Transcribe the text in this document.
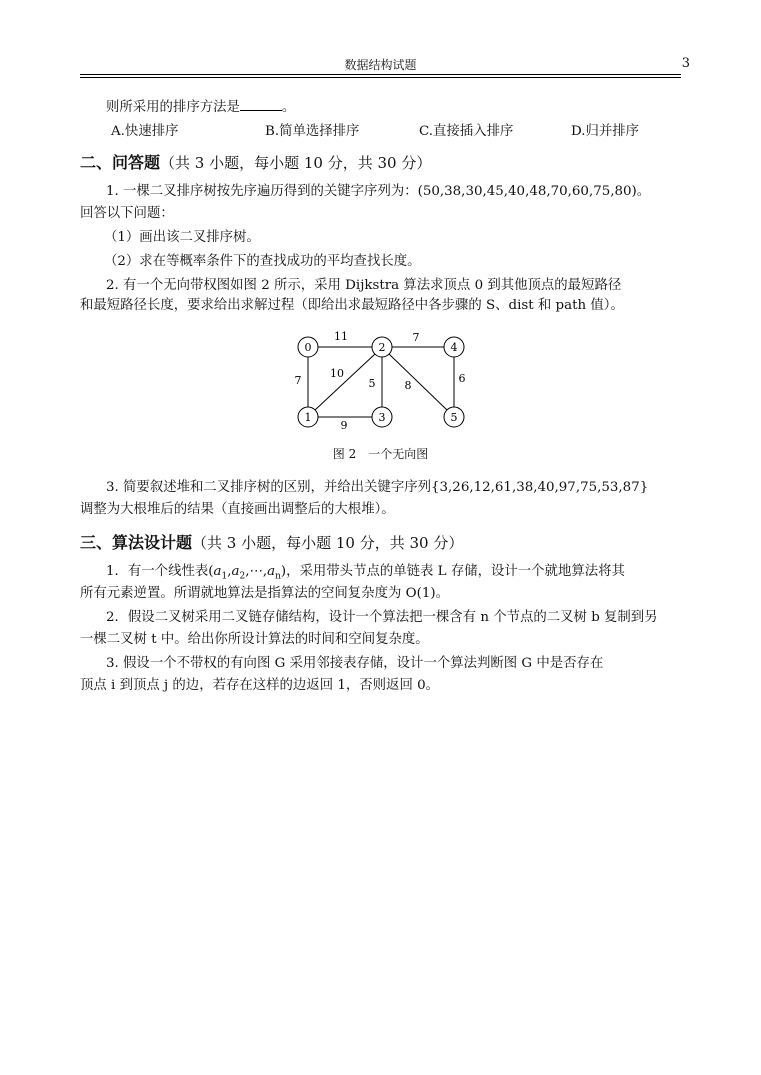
数据结构试题	3
则所采用的排序方法是	。
A.快速排序	B.简单选择排序	C.直接插入排序	D.归并排序
二、问答题（共 3 小题，每小题 10 分，共 30 分）
1. 一棵二叉排序树按先序遍历得到的关键字序列为：(50,38,30,45,40,48,70,60,75,80)。
回答以下问题：
（1）画出该二叉排序树。
（2）求在等概率条件下的查找成功的平均查找长度。
2. 有一个无向带权图如图 2 所示，采用 Dijkstra 算法求顶点 0 到其他顶点的最短路径
和最短路径长度，要求给出求解过程（即给出求最短路径中各步骤的 S、dist 和 path 值）。
0
1
2
3
4
5
11	7
7
10
5	8
6
9
图 2　一个无向图
3. 简要叙述堆和二叉排序树的区别，并给出关键字序列{3,26,12,61,38,40,97,75,53,87}
调整为大根堆后的结果（直接画出调整后的大根堆）。
三、算法设计题（共 3 小题，每小题 10 分，共 30 分）
1．有一个线性表$(a_1,a_2,\cdots,a_n)$，采用带头节点的单链表 L 存储，设计一个就地算法将其
所有元素逆置。所谓就地算法是指算法的空间复杂度为 O(1)。
2．假设二叉树采用二叉链存储结构，设计一个算法把一棵含有 n 个节点的二叉树 b 复制到另
一棵二叉树 t 中。给出你所设计算法的时间和空间复杂度。
3. 假设一个不带权的有向图 G 采用邻接表存储，设计一个算法判断图 G 中是否存在
顶点 i 到顶点 j 的边，若存在这样的边返回 1，否则返回 0。
